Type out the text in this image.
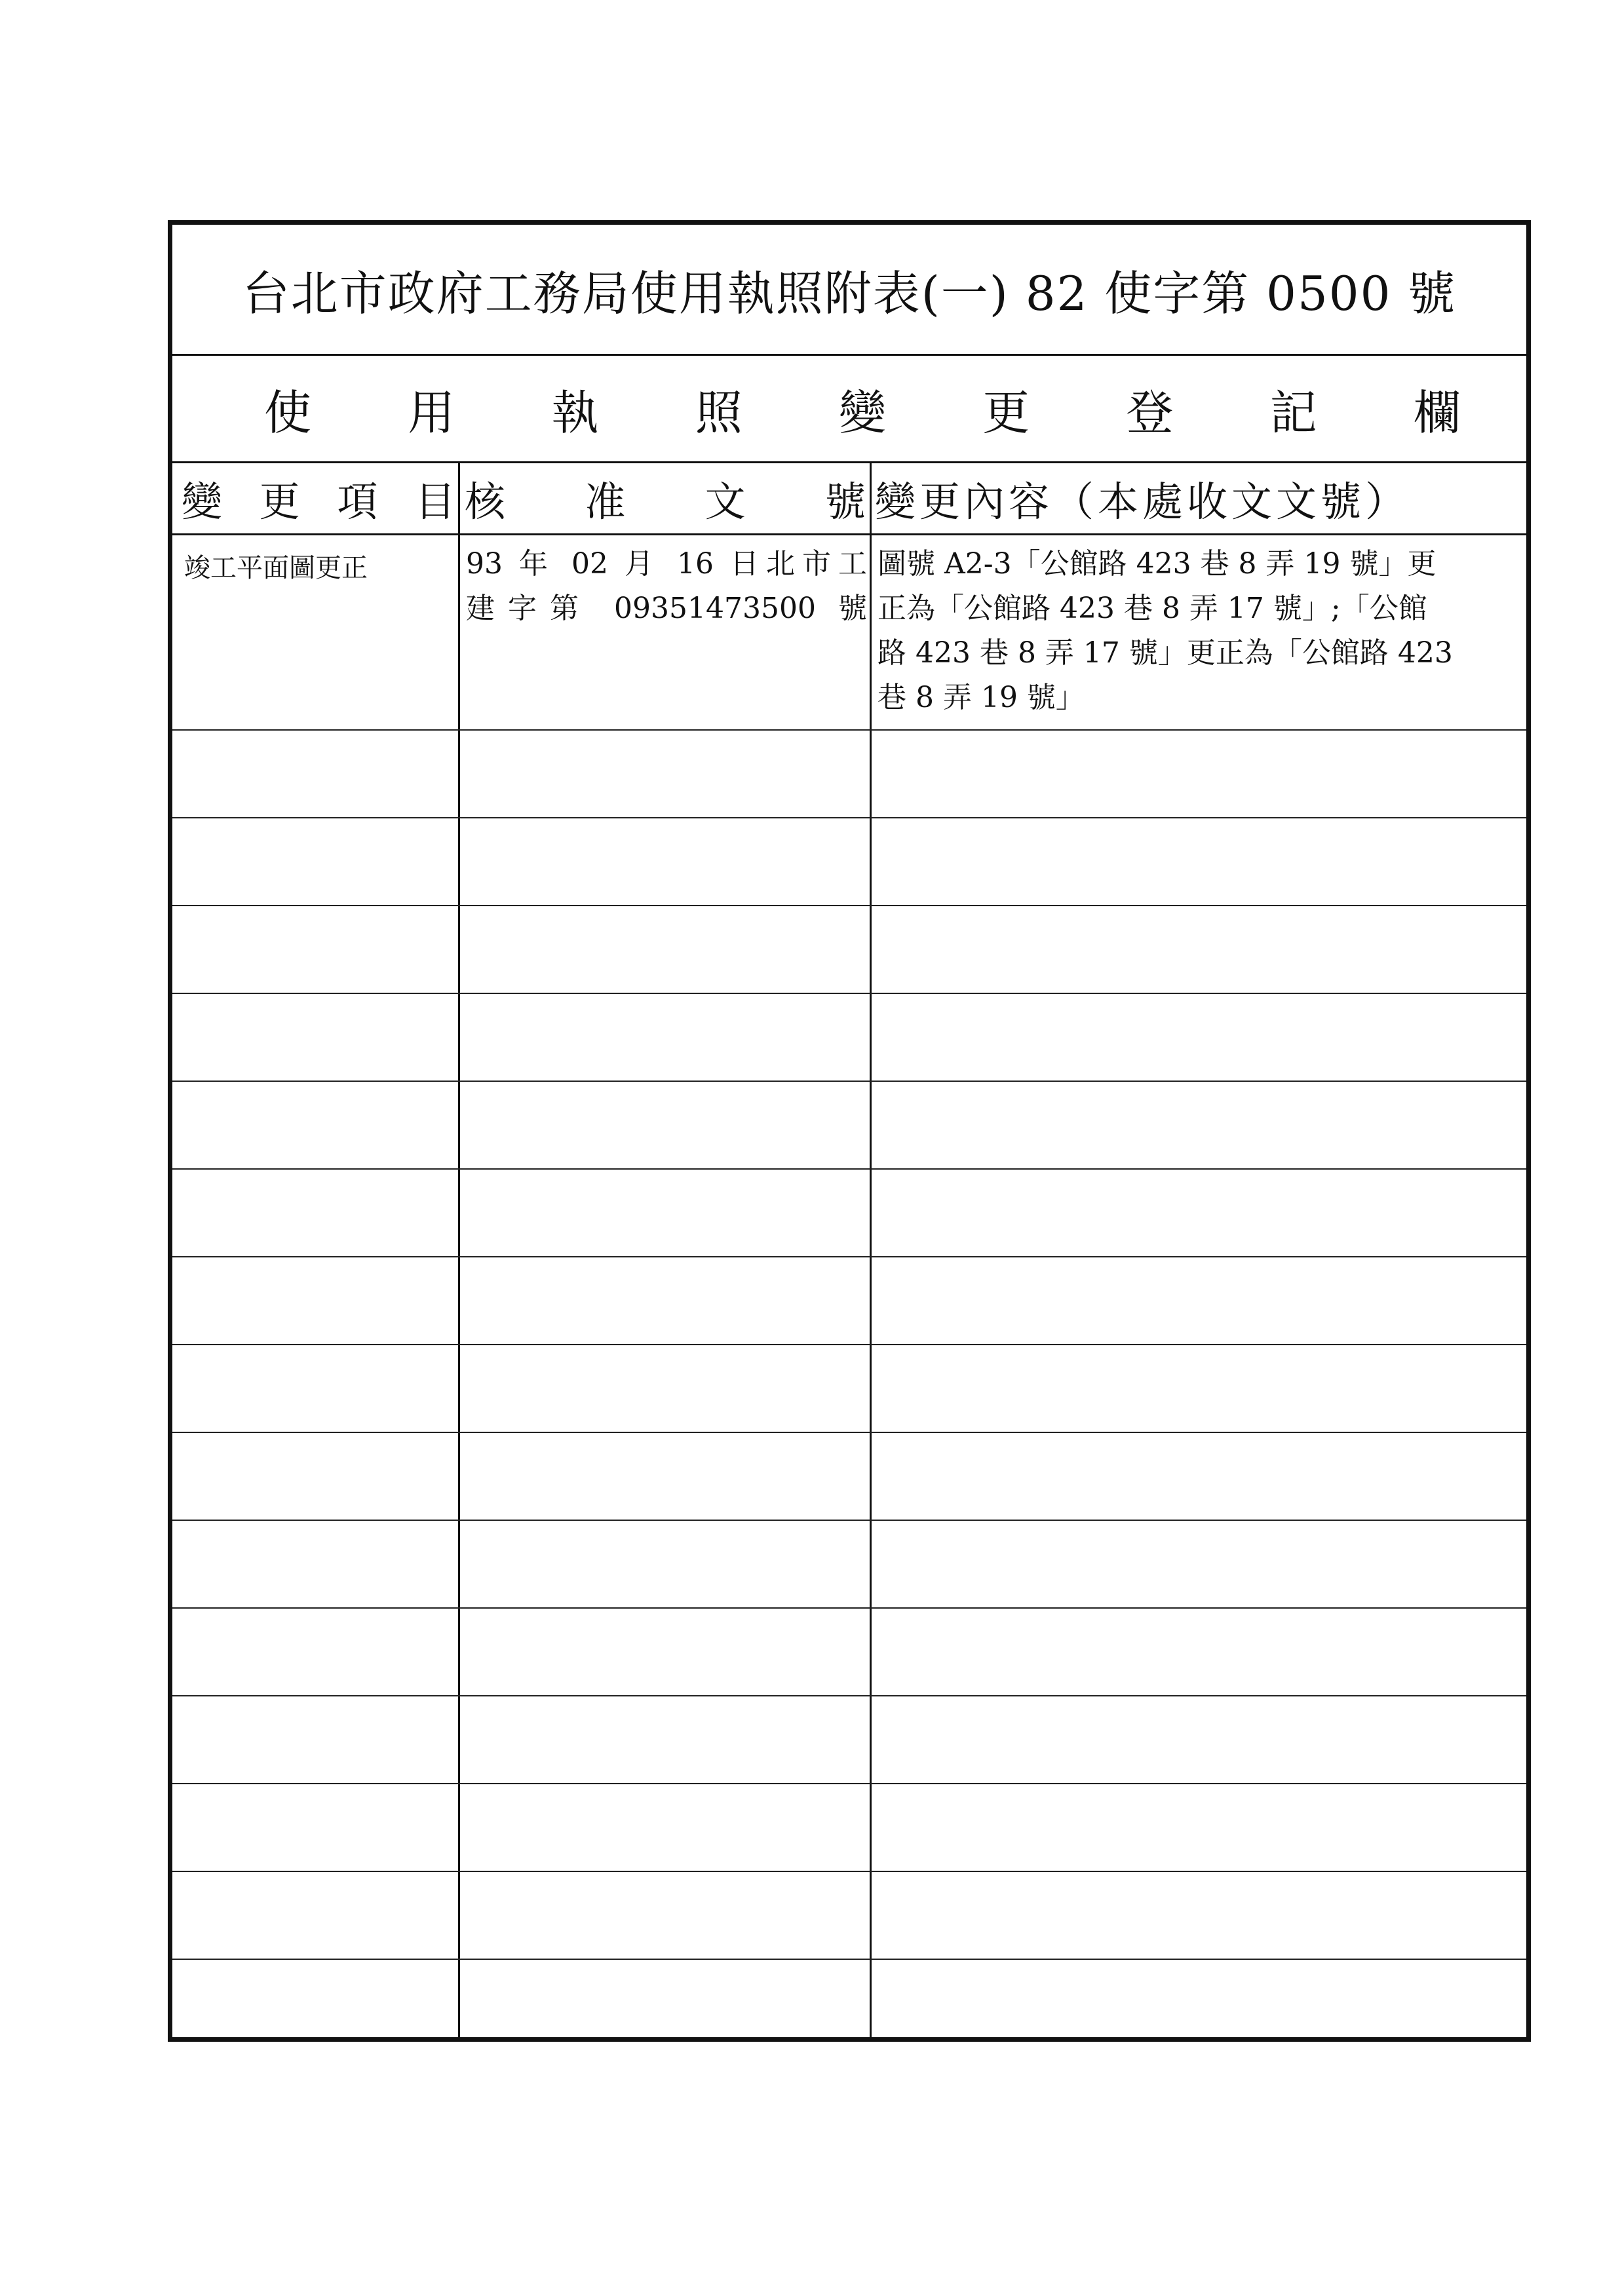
台北市政府工務局使用執照附表(一) 82 使字第 0500 號
使 用 執 照 變 更 登 記 欄
變 更 項 目 核 准 文 號 變更內容（本處收文文號）
竣工平面圖更正	93 年 02 月 16 日北市工
建字第 09351473500 號
圖號 A2-3「公館路 423 巷 8 弄 19 號」更
正為「公館路 423 巷 8 弄 17 號」;「公館
路 423 巷 8 弄 17 號」更正為「公館路 423
巷 8 弄 19 號」
